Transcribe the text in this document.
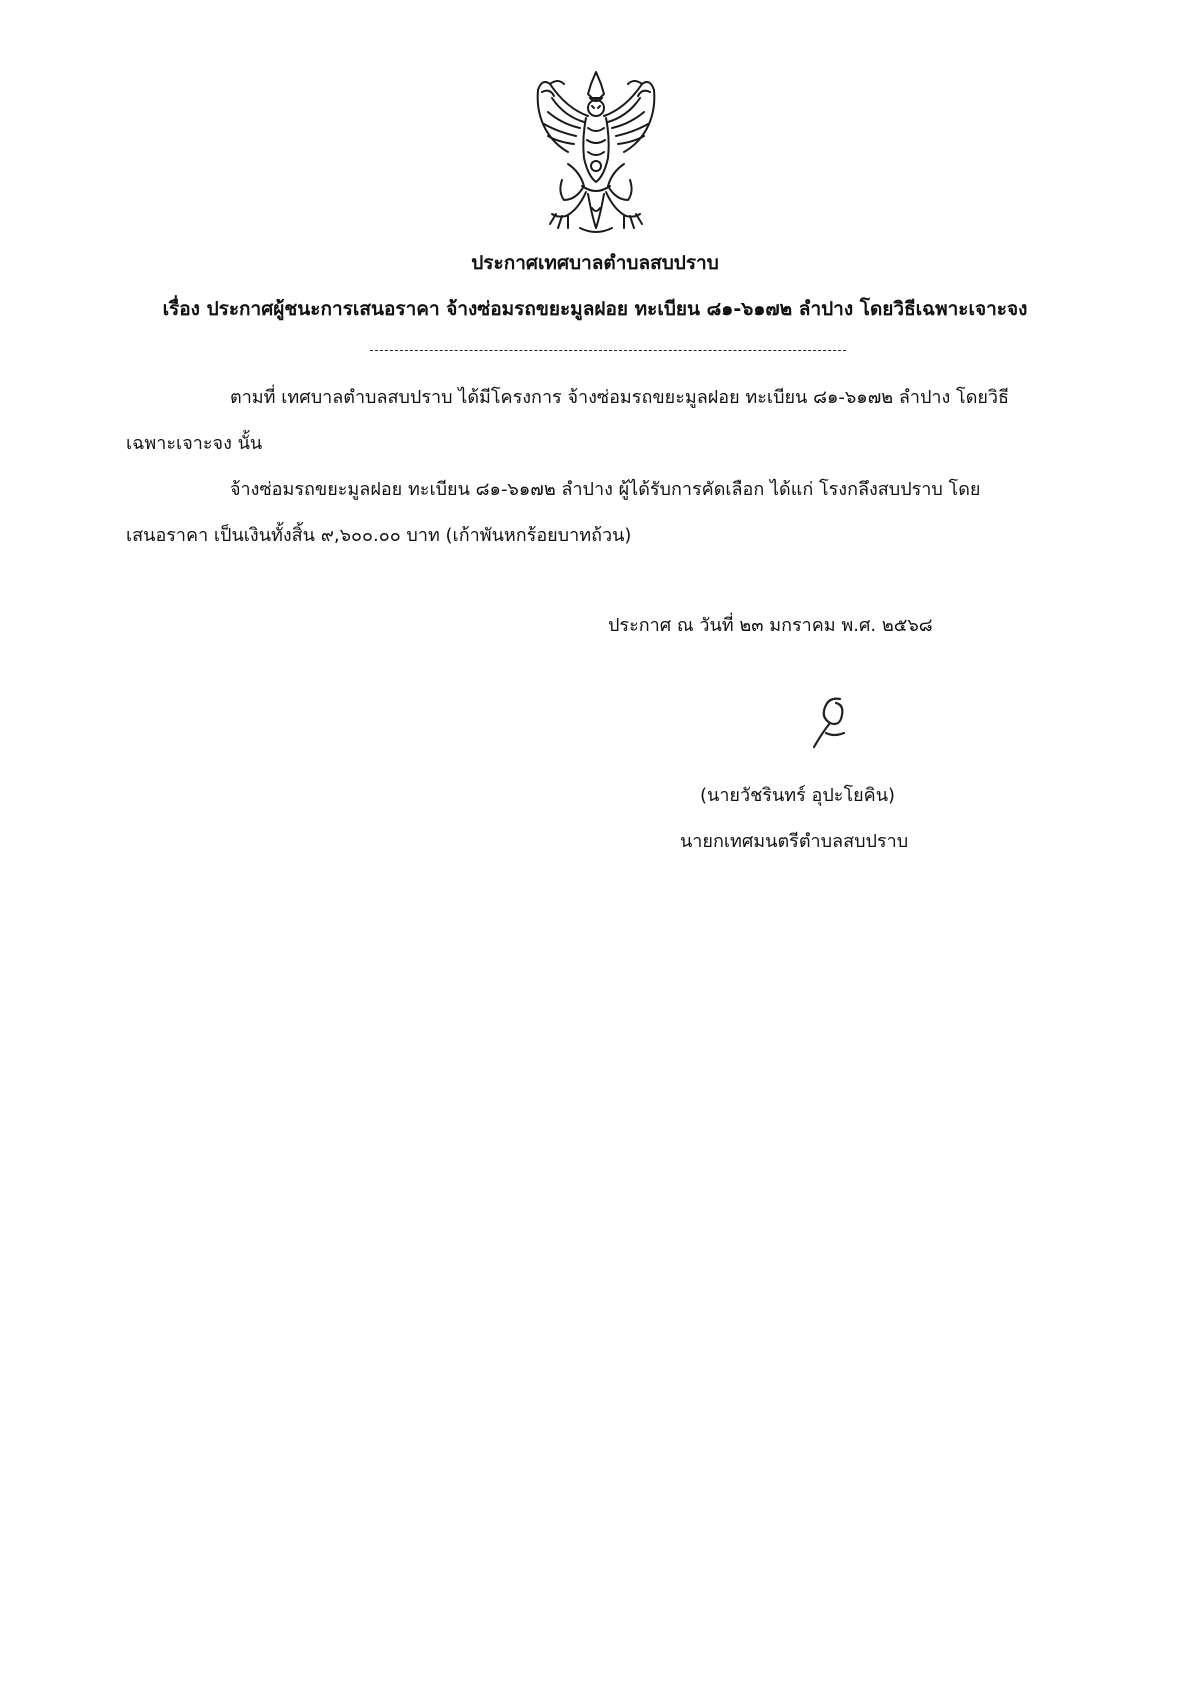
ประกาศเทศบาลตำบลสบปราบ
เรื่อง ประกาศผู้ชนะการเสนอราคา จ้างซ่อมรถขยะมูลฝอย ทะเบียน ๘๑-๖๑๗๒ ลำปาง โดยวิธีเฉพาะเจาะจง
ตามที่ เทศบาลตำบลสบปราบ ได้มีโครงการ จ้างซ่อมรถขยะมูลฝอย ทะเบียน ๘๑-๖๑๗๒ ลำปาง โดยวิธี
เฉพาะเจาะจง นั้น
จ้างซ่อมรถขยะมูลฝอย ทะเบียน ๘๑-๖๑๗๒ ลำปาง ผู้ได้รับการคัดเลือก ได้แก่ โรงกลึงสบปราบ โดย
เสนอราคา เป็นเงินทั้งสิ้น ๙,๖๐๐.๐๐ บาท (เก้าพันหกร้อยบาทถ้วน)
ประกาศ ณ วันที่ ๒๓ มกราคม พ.ศ. ๒๕๖๘
(นายวัชรินทร์ อุปะโยคิน)
นายกเทศมนตรีตำบลสบปราบ
